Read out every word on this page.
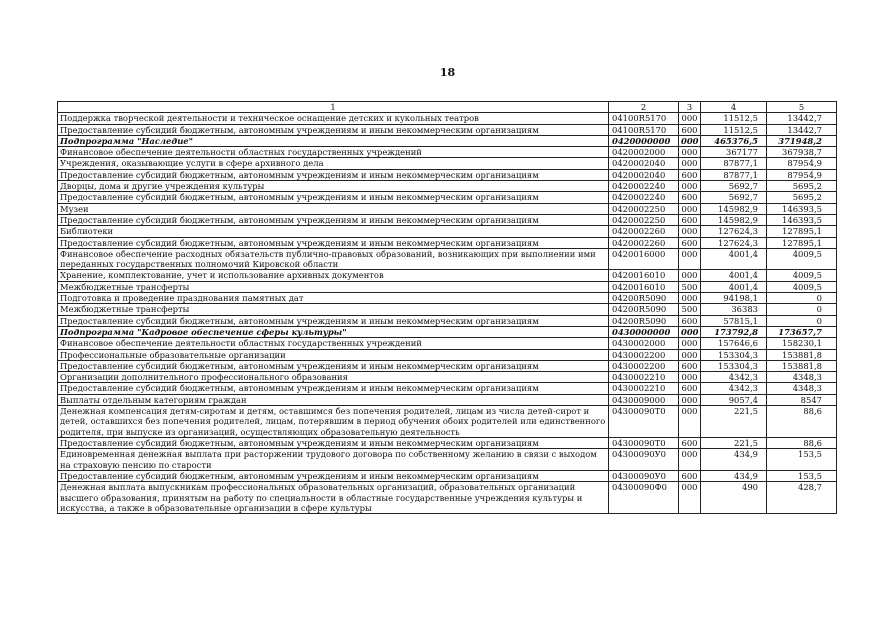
18
1	2	3	4	5
Поддержка творческой деятельности и техническое оснащение детских и кукольных театров	04100R5170	000	11512,5	13442,7
Предоставление субсидий бюджетным, автономным учреждениям и иным некоммерческим организациям	04100R5170	600	11512,5	13442,7
Подпрограмма "Наследие"	0420000000	000	465376,5	371948,2
Финансовое обеспечение деятельности областных государственных учреждений	0420002000	000	367177	367938,7
Учреждения, оказывающие услуги в сфере архивного дела	0420002040	000	87877,1	87954,9
Предоставление субсидий бюджетным, автономным учреждениям и иным некоммерческим организациям	0420002040	600	87877,1	87954,9
Дворцы, дома и другие учреждения культуры	0420002240	000	5692,7	5695,2
Предоставление субсидий бюджетным, автономным учреждениям и иным некоммерческим организациям	0420002240	600	5692,7	5695,2
Музеи	0420002250	000	145982,9	146393,5
Предоставление субсидий бюджетным, автономным учреждениям и иным некоммерческим организациям	0420002250	600	145982,9	146393,5
Библиотеки	0420002260	000	127624,3	127895,1
Предоставление субсидий бюджетным, автономным учреждениям и иным некоммерческим организациям	0420002260	600	127624,3	127895,1
Финансовое обеспечение расходных обязательств публично-правовых образований, возникающих при выполнении ими переданных государственных полномочий Кировской области	0420016000	000	4001,4	4009,5
Хранение, комплектование, учет и использование архивных документов	0420016010	000	4001,4	4009,5
Межбюджетные трансферты	0420016010	500	4001,4	4009,5
Подготовка и проведение празднования памятных дат	04200R5090	000	94198,1	0
Межбюджетные трансферты	04200R5090	500	36383	0
Предоставление субсидий бюджетным, автономным учреждениям и иным некоммерческим организациям	04200R5090	600	57815,1	0
Подпрограмма "Кадровое обеспечение сферы культуры"	0430000000	000	173792,8	173657,7
Финансовое обеспечение деятельности областных государственных учреждений	0430002000	000	157646,6	158230,1
Профессиональные образовательные организации	0430002200	000	153304,3	153881,8
Предоставление субсидий бюджетным, автономным учреждениям и иным некоммерческим организациям	0430002200	600	153304,3	153881,8
Организации дополнительного профессионального образования	0430002210	000	4342,3	4348,3
Предоставление субсидий бюджетным, автономным учреждениям и иным некоммерческим организациям	0430002210	600	4342,3	4348,3
Выплаты отдельным категориям граждан	0430009000	000	9057,4	8547
Денежная компенсация детям-сиротам и детям, оставшимся без попечения родителей, лицам из числа детей-сирот и детей, оставшихся без попечения родителей, лицам, потерявшим в период обучения обоих родителей или единственного родителя, при выпуске из организаций, осуществляющих образовательную деятельность	04300090Т0	000	221,5	88,6
Предоставление субсидий бюджетным, автономным учреждениям и иным некоммерческим организациям	04300090Т0	600	221,5	88,6
Единовременная денежная выплата при расторжении трудового договора по собственному желанию в связи с выходом на страховую пенсию по старости	04300090У0	000	434,9	153,5
Предоставление субсидий бюджетным, автономным учреждениям и иным некоммерческим организациям	04300090У0	600	434,9	153,5
Денежная выплата выпускникам профессиональных образовательных организаций, образовательных организаций высшего образования, принятым на работу по специальности в областные государственные учреждения культуры и искусства, а также в образовательные организации в сфере культуры	04300090Ф0	000	490	428,7
